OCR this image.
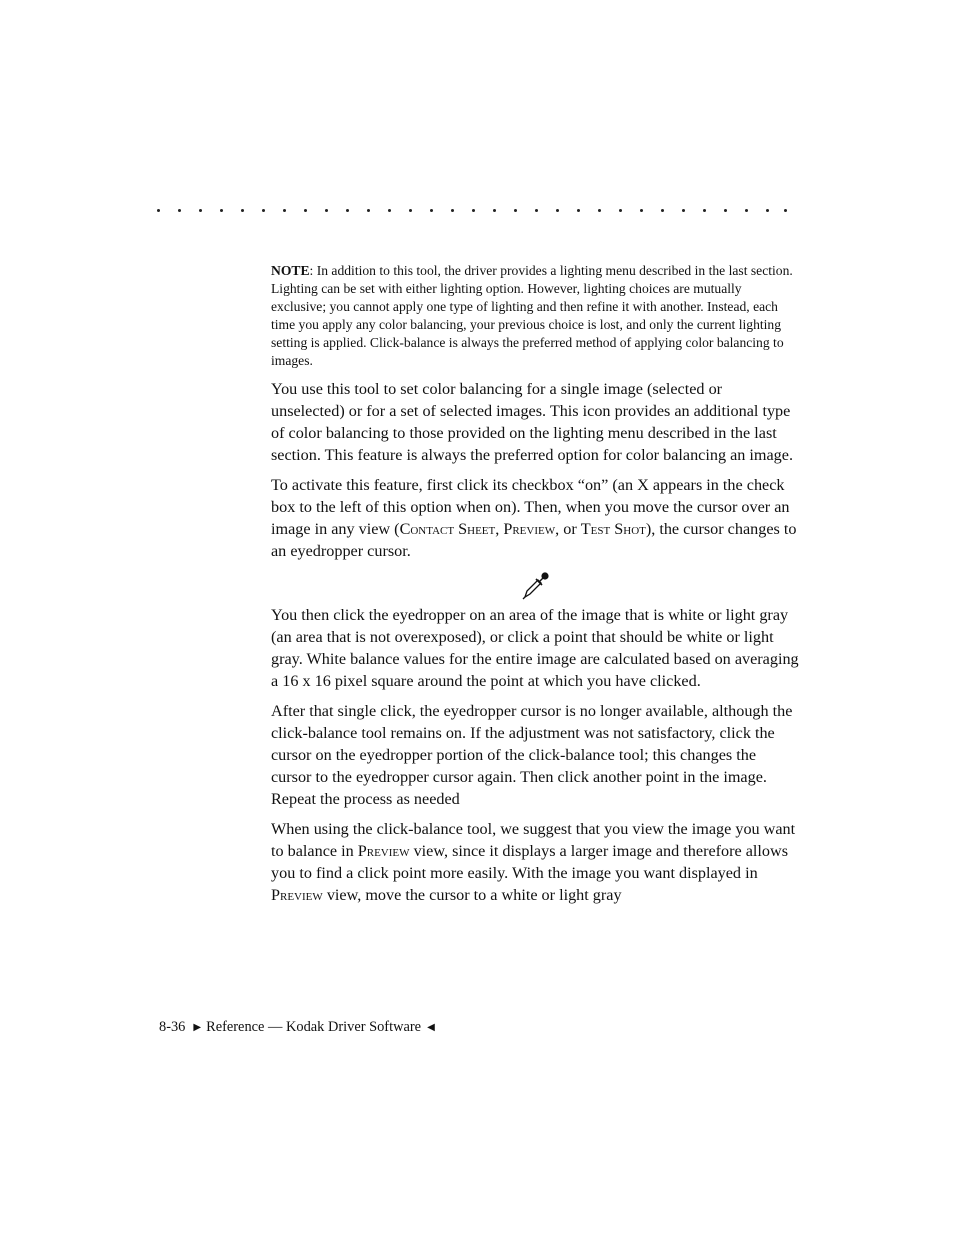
NOTE: In addition to this tool, the driver provides a lighting menu described in the last section. Lighting can be set with either lighting option. However, lighting choices are mutually exclusive; you cannot apply one type of lighting and then refine it with another. Instead, each time you apply any color balancing, your previous choice is lost, and only the current lighting setting is applied. Click-balance is always the preferred method of applying color balancing to images.

You use this tool to set color balancing for a single image (selected or unselected) or for a set of selected images. This icon provides an additional type of color balancing to those provided on the lighting menu described in the last section. This feature is always the preferred option for color balancing an image.

To activate this feature, first click its checkbox “on” (an X appears in the check box to the left of this option when on). Then, when you move the cursor over an image in any view (Contact Sheet, Preview, or Test Shot), the cursor changes to an eyedropper cursor.

You then click the eyedropper on an area of the image that is white or light gray (an area that is not overexposed), or click a point that should be white or light gray. White balance values for the entire image are calculated based on averaging a 16 x 16 pixel square around the point at which you have clicked.

After that single click, the eyedropper cursor is no longer available, although the click-balance tool remains on. If the adjustment was not satisfactory, click the cursor on the eyedropper portion of the click-balance tool; this changes the cursor to the eyedropper cursor again. Then click another point in the image. Repeat the process as needed

When using the click-balance tool, we suggest that you view the image you want to balance in Preview view, since it displays a larger image and therefore allows you to find a click point more easily. With the image you want displayed in Preview view, move the cursor to a white or light gray

8-36 ▶ Reference — Kodak Driver Software ◀
